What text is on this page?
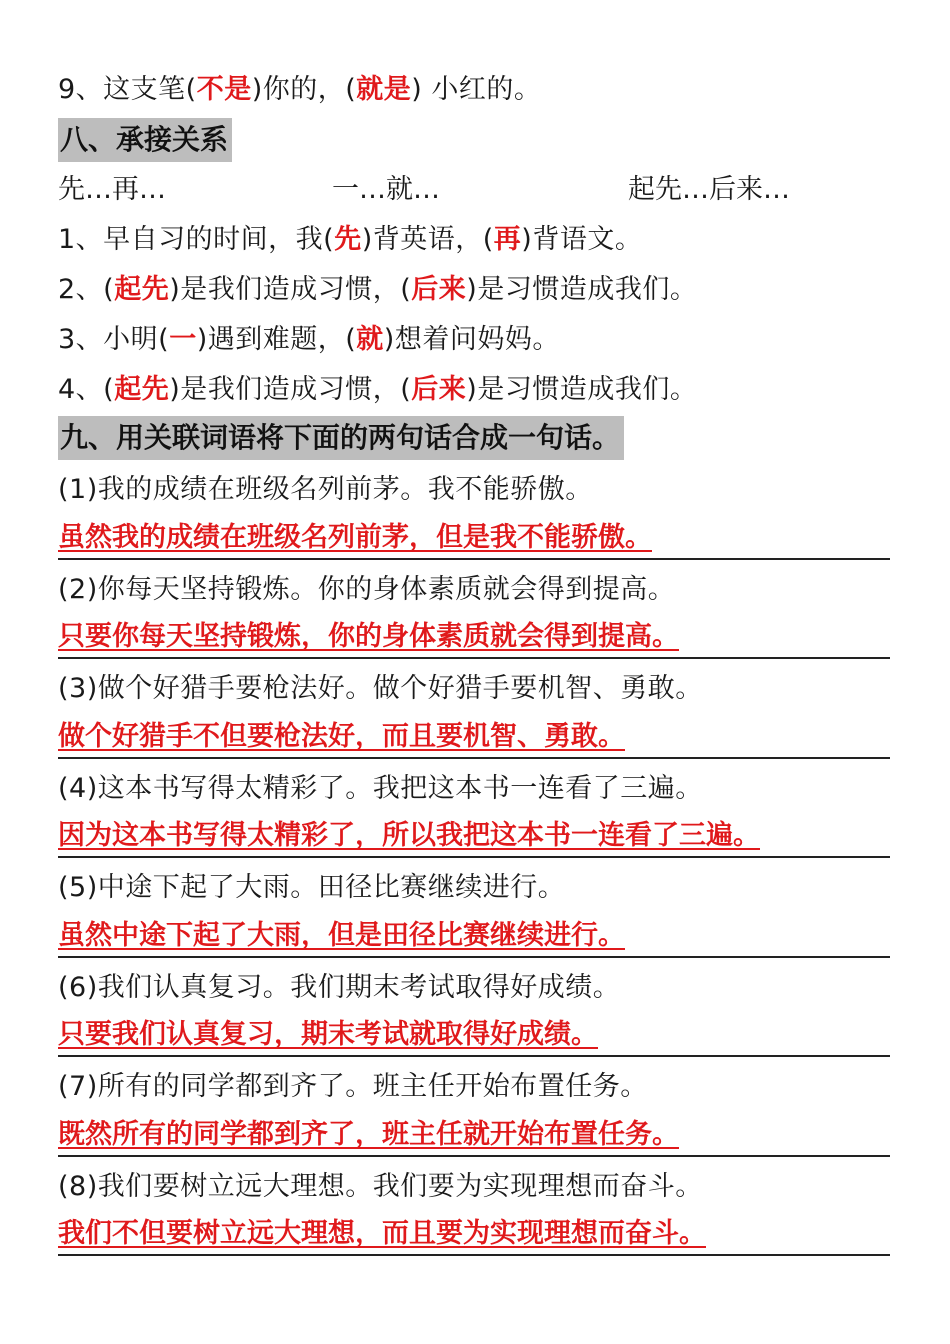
9、这支笔(不是)你的，(就是) 小红的。
八、承接关系
先…再…	一…就…	起先…后来…
1、早自习的时间，我(先)背英语，(再)背语文。
2、(起先)是我们造成习惯，(后来)是习惯造成我们。
3、小明(一)遇到难题，(就)想着问妈妈。
4、(起先)是我们造成习惯，(后来)是习惯造成我们。
九、用关联词语将下面的两句话合成一句话。
(1)我的成绩在班级名列前茅。我不能骄傲。
虽然我的成绩在班级名列前茅，但是我不能骄傲。
(2)你每天坚持锻炼。你的身体素质就会得到提高。
只要你每天坚持锻炼，你的身体素质就会得到提高。
(3)做个好猎手要枪法好。做个好猎手要机智、勇敢。
做个好猎手不但要枪法好，而且要机智、勇敢。
(4)这本书写得太精彩了。我把这本书一连看了三遍。
因为这本书写得太精彩了，所以我把这本书一连看了三遍。
(5)中途下起了大雨。田径比赛继续进行。
虽然中途下起了大雨，但是田径比赛继续进行。
(6)我们认真复习。我们期末考试取得好成绩。
只要我们认真复习，期末考试就取得好成绩。
(7)所有的同学都到齐了。班主任开始布置任务。
既然所有的同学都到齐了，班主任就开始布置任务。
(8)我们要树立远大理想。我们要为实现理想而奋斗。
我们不但要树立远大理想，而且要为实现理想而奋斗。
